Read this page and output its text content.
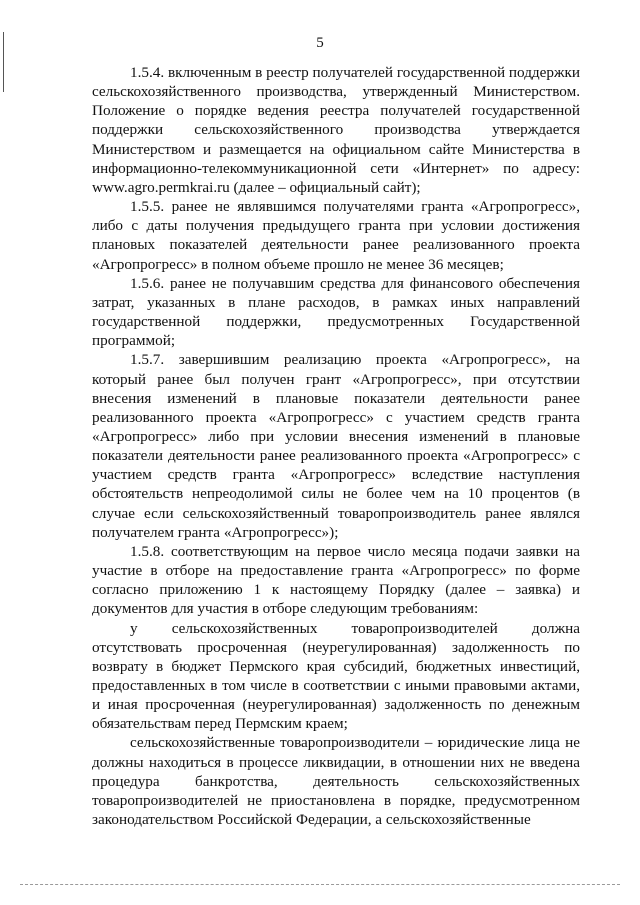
5

1.5.4. включенным в реестр получателей государственной поддержки сельскохозяйственного производства, утвержденный Министерством. Положение о порядке ведения реестра получателей государственной поддержки сельскохозяйственного производства утверждается Министерством и размещается на официальном сайте Министерства в информационно-телекоммуникационной сети «Интернет» по адресу: www.agro.permkrai.ru (далее – официальный сайт);

1.5.5. ранее не являвшимся получателями гранта «Агропрогресс», либо с даты получения предыдущего гранта при условии достижения плановых показателей деятельности ранее реализованного проекта «Агропрогресс» в полном объеме прошло не менее 36 месяцев;

1.5.6. ранее не получавшим средства для финансового обеспечения затрат, указанных в плане расходов, в рамках иных направлений государственной поддержки, предусмотренных Государственной программой;

1.5.7. завершившим реализацию проекта «Агропрогресс», на который ранее был получен грант «Агропрогресс», при отсутствии внесения изменений в плановые показатели деятельности ранее реализованного проекта «Агропрогресс» с участием средств гранта «Агропрогресс» либо при условии внесения изменений в плановые показатели деятельности ранее реализованного проекта «Агропрогресс» с участием средств гранта «Агропрогресс» вследствие наступления обстоятельств непреодолимой силы не более чем на 10 процентов (в случае если сельскохозяйственный товаропроизводитель ранее являлся получателем гранта «Агропрогресс»);

1.5.8. соответствующим на первое число месяца подачи заявки на участие в отборе на предоставление гранта «Агропрогресс» по форме согласно приложению 1 к настоящему Порядку (далее – заявка) и документов для участия в отборе следующим требованиям:

у сельскохозяйственных товаропроизводителей должна отсутствовать просроченная (неурегулированная) задолженность по возврату в бюджет Пермского края субсидий, бюджетных инвестиций, предоставленных в том числе в соответствии с иными правовыми актами, и иная просроченная (неурегулированная) задолженность по денежным обязательствам перед Пермским краем;

сельскохозяйственные товаропроизводители – юридические лица не должны находиться в процессе ликвидации, в отношении них не введена процедура банкротства, деятельность сельскохозяйственных товаропроизводителей не приостановлена в порядке, предусмотренном законодательством Российской Федерации, а сельскохозяйственные
